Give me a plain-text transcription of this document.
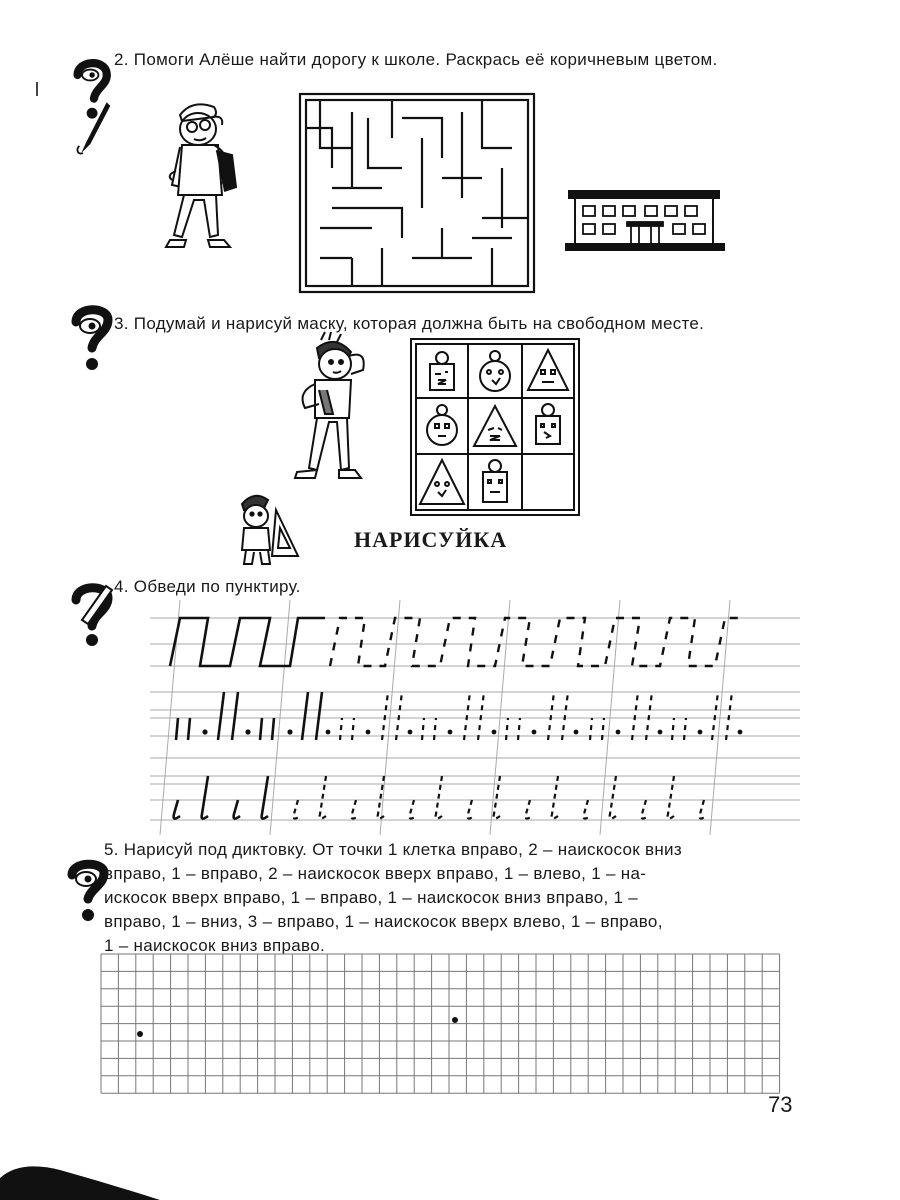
2. Помоги Алёше найти дорогу к школе. Раскрась её коричневым цветом.
3. Подумай и нарисуй маску, которая должна быть на свободном месте.
НАРИСУЙКА
4. Обведи по пунктиру.
5. Нарисуй под диктовку. От точки 1 клетка вправо, 2 – наискосок вниз
вправо, 1 – вправо, 2 – наискосок вверх вправо, 1 – влево, 1 – на-
искосок вверх вправо, 1 – вправо, 1 – наискосок вниз вправо, 1 –
вправо, 1 – вниз, 3 – вправо, 1 – наискосок вверх влево, 1 – вправо,
1 – наискосок вниз вправо.
73
